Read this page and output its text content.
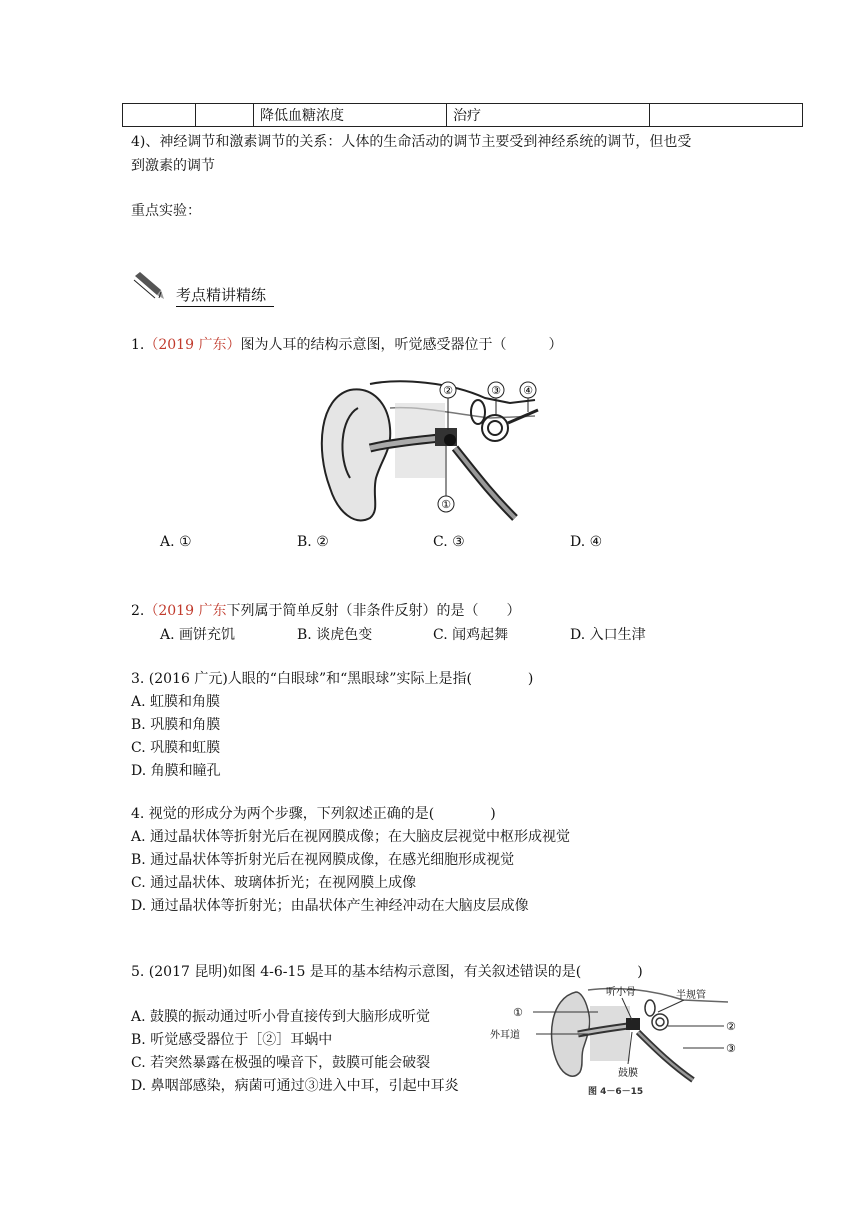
		降低血糖浓度	治疗	
4)、神经调节和激素调节的关系：人体的生命活动的调节主要受到神经系统的调节，但也受
到激素的调节
重点实验：
考点精讲精练
1.（2019 广东）图为人耳的结构示意图，听觉感受器位于（　　　）
②	③ ④
①
A. ①	B. ②	C. ③	D. ④
2.（2019 广东下列属于简单反射（非条件反射）的是（　　）
A. 画饼充饥	B. 谈虎色变	C. 闻鸡起舞	D. 入口生津
3. (2016 广元)人眼的“白眼球”和“黑眼球”实际上是指(　　　　)
A. 虹膜和角膜
B. 巩膜和角膜
C. 巩膜和虹膜
D. 角膜和瞳孔
4. 视觉的形成分为两个步骤，下列叙述正确的是(　　　　)
A. 通过晶状体等折射光后在视网膜成像；在大脑皮层视觉中枢形成视觉
B. 通过晶状体等折射光后在视网膜成像，在感光细胞形成视觉
C. 通过晶状体、玻璃体折光；在视网膜上成像
D. 通过晶状体等折射光；由晶状体产生神经冲动在大脑皮层成像
5. (2017 昆明)如图 4-6-15 是耳的基本结构示意图，有关叙述错误的是(　　　　)
A. 鼓膜的振动通过听小骨直接传到大脑形成听觉
B. 听觉感受器位于［②］耳蜗中
C. 若突然暴露在极强的噪音下，鼓膜可能会破裂
D. 鼻咽部感染，病菌可通过③进入中耳，引起中耳炎
听小骨	半规管
①
外耳道
②
③
鼓膜
图 4－6－15
